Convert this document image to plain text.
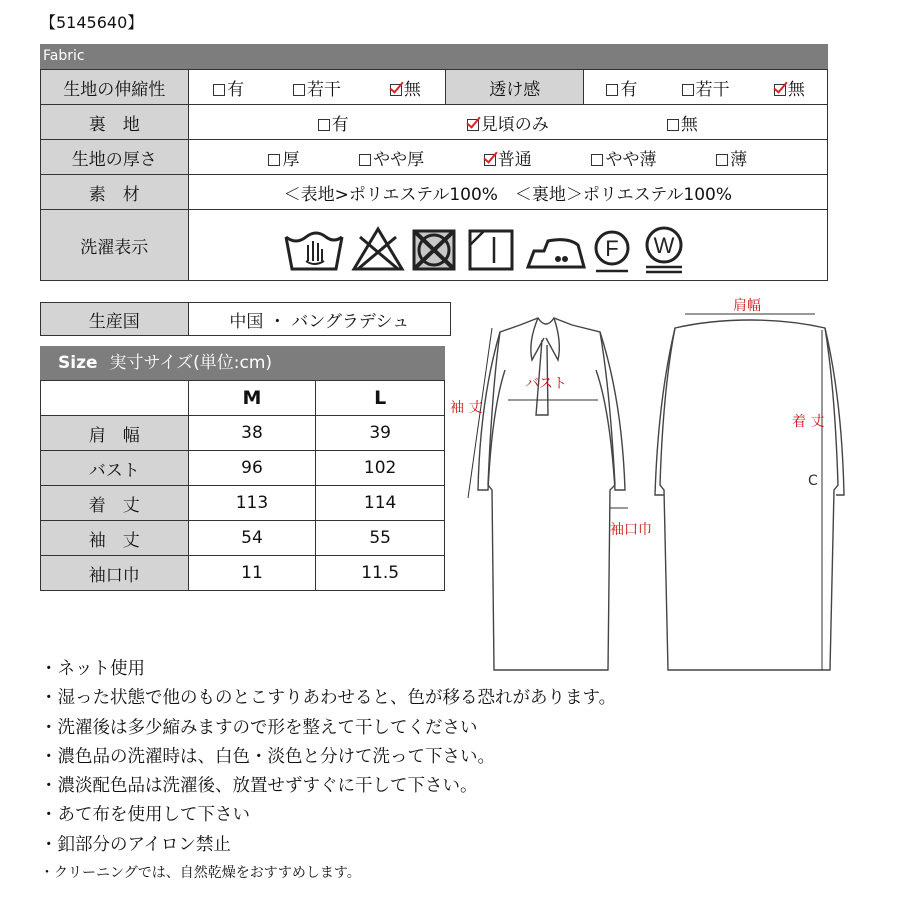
【5145640】
Fabric
生地の伸縮性	有 若干 無	透け感	有 若干 無

裏　地	有 見頃のみ 無		

生地の厚さ	厚 やや厚 普通 やや薄 薄		

素　材	＜表地>ポリエステル100%　＜裏地＞ポリエステル100%		
洗濯表示	F W		
生産国	中国 ・ バングラデシュ
Size 実寸サイズ(単位:cm)
	M	L
肩　幅	38	39
バスト	96	102
着　丈	113	114
袖　丈	54	55
袖口巾	11	11.5
肩幅
バスト
袖 丈
着 丈
袖口巾
C
・ネット使用
・湿った状態で他のものとこすりあわせると、色が移る恐れがあります。
・洗濯後は多少縮みますので形を整えて干してください
・濃色品の洗濯時は、白色・淡色と分けて洗って下さい。
・濃淡配色品は洗濯後、放置せずすぐに干して下さい。
・あて布を使用して下さい
・釦部分のアイロン禁止
・クリーニングでは、自然乾燥をおすすめします。
